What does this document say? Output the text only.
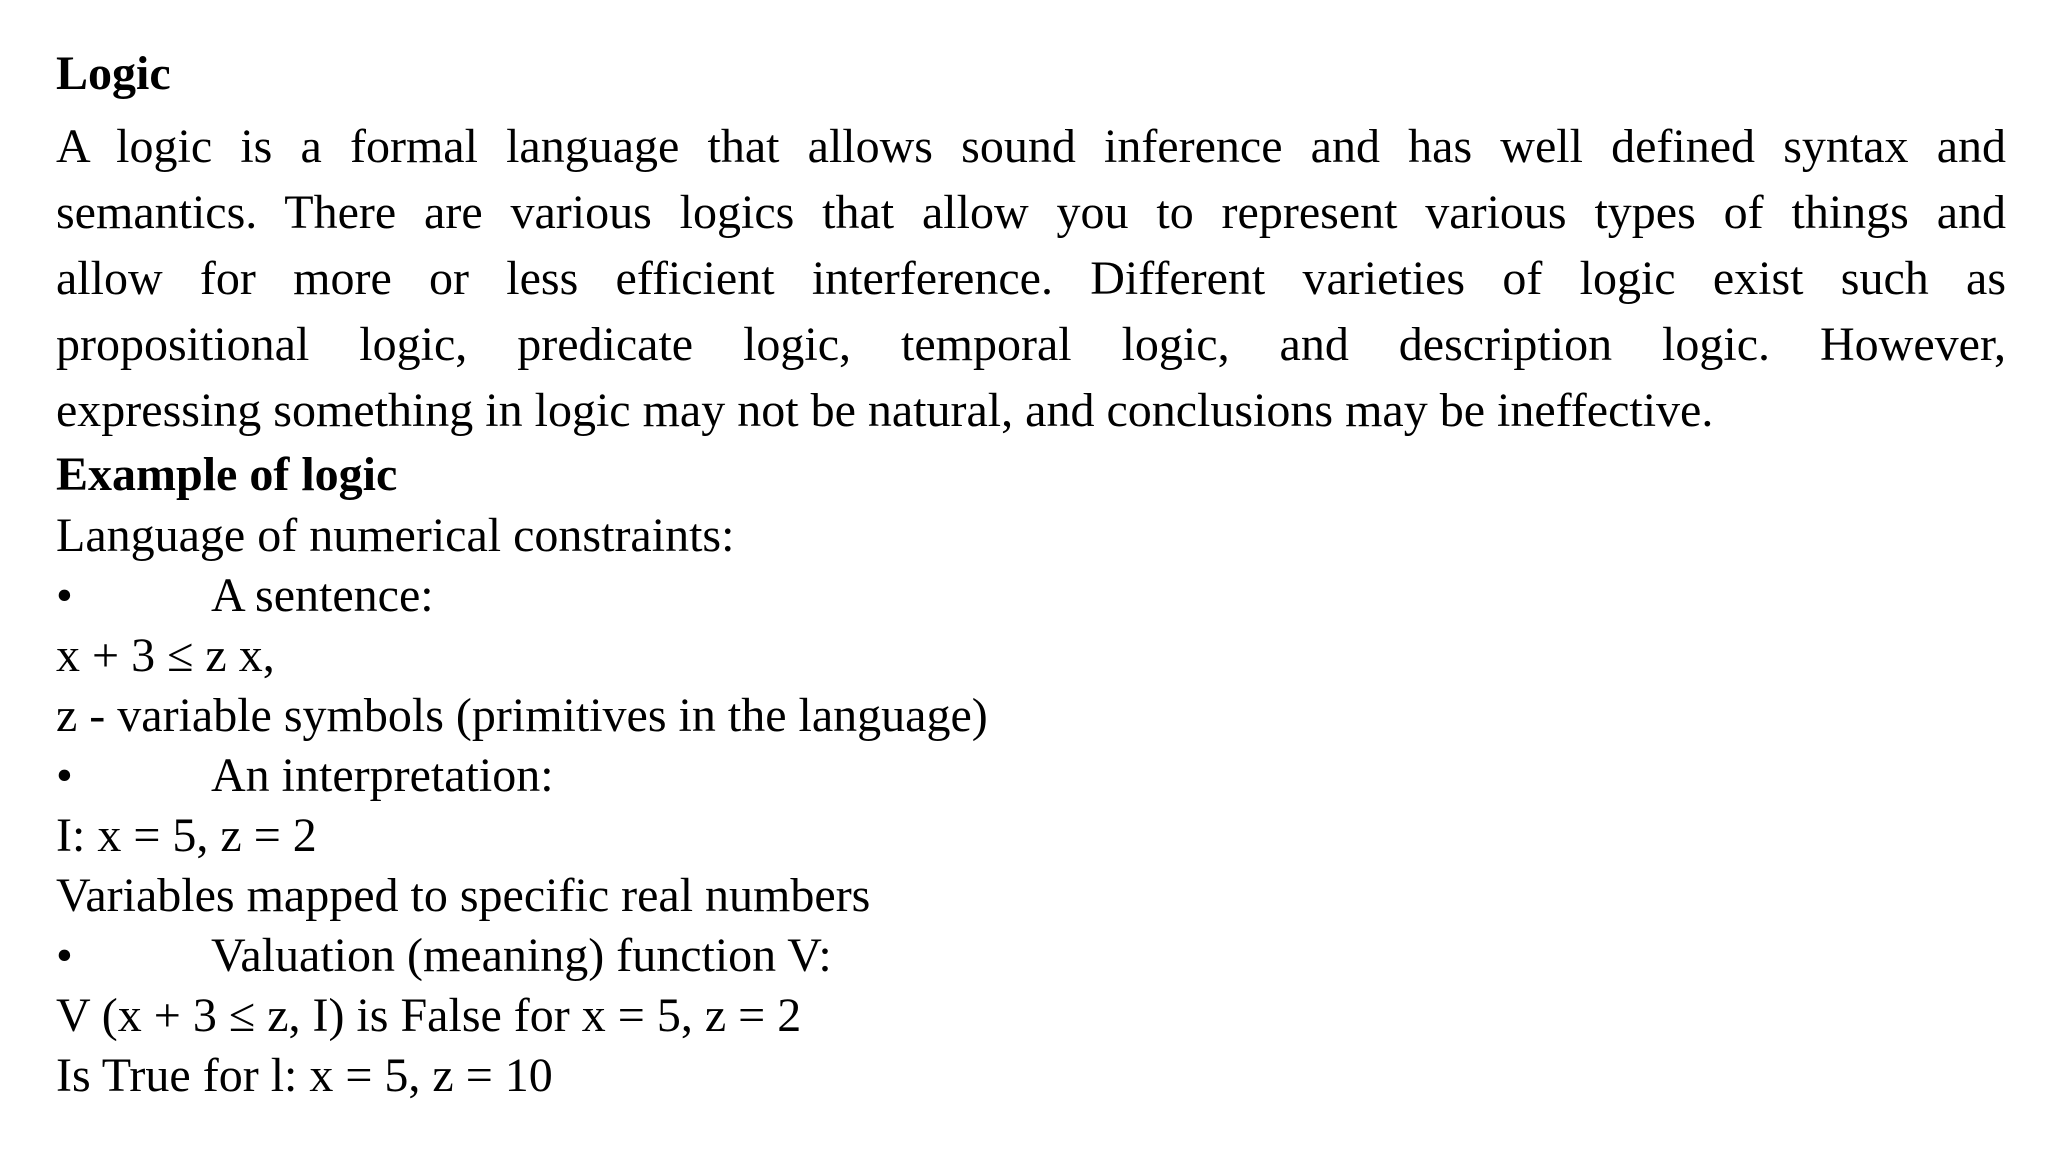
Logic
A logic is a formal language that allows sound inference and has well defined syntax and
semantics. There are various logics that allow you to represent various types of things and
allow for more or less efficient interference. Different varieties of logic exist such as
propositional logic, predicate logic, temporal logic, and description logic. However,
expressing something in logic may not be natural, and conclusions may be ineffective.
Example of logic
Language of numerical constraints:
•	A sentence:
x + 3 ≤ z x,
z - variable symbols (primitives in the language)
•	An interpretation:
I: x = 5, z = 2
Variables mapped to specific real numbers
•	Valuation (meaning) function V:
V (x + 3 ≤ z, I) is False for x = 5, z = 2
Is True for l: x = 5, z = 10
